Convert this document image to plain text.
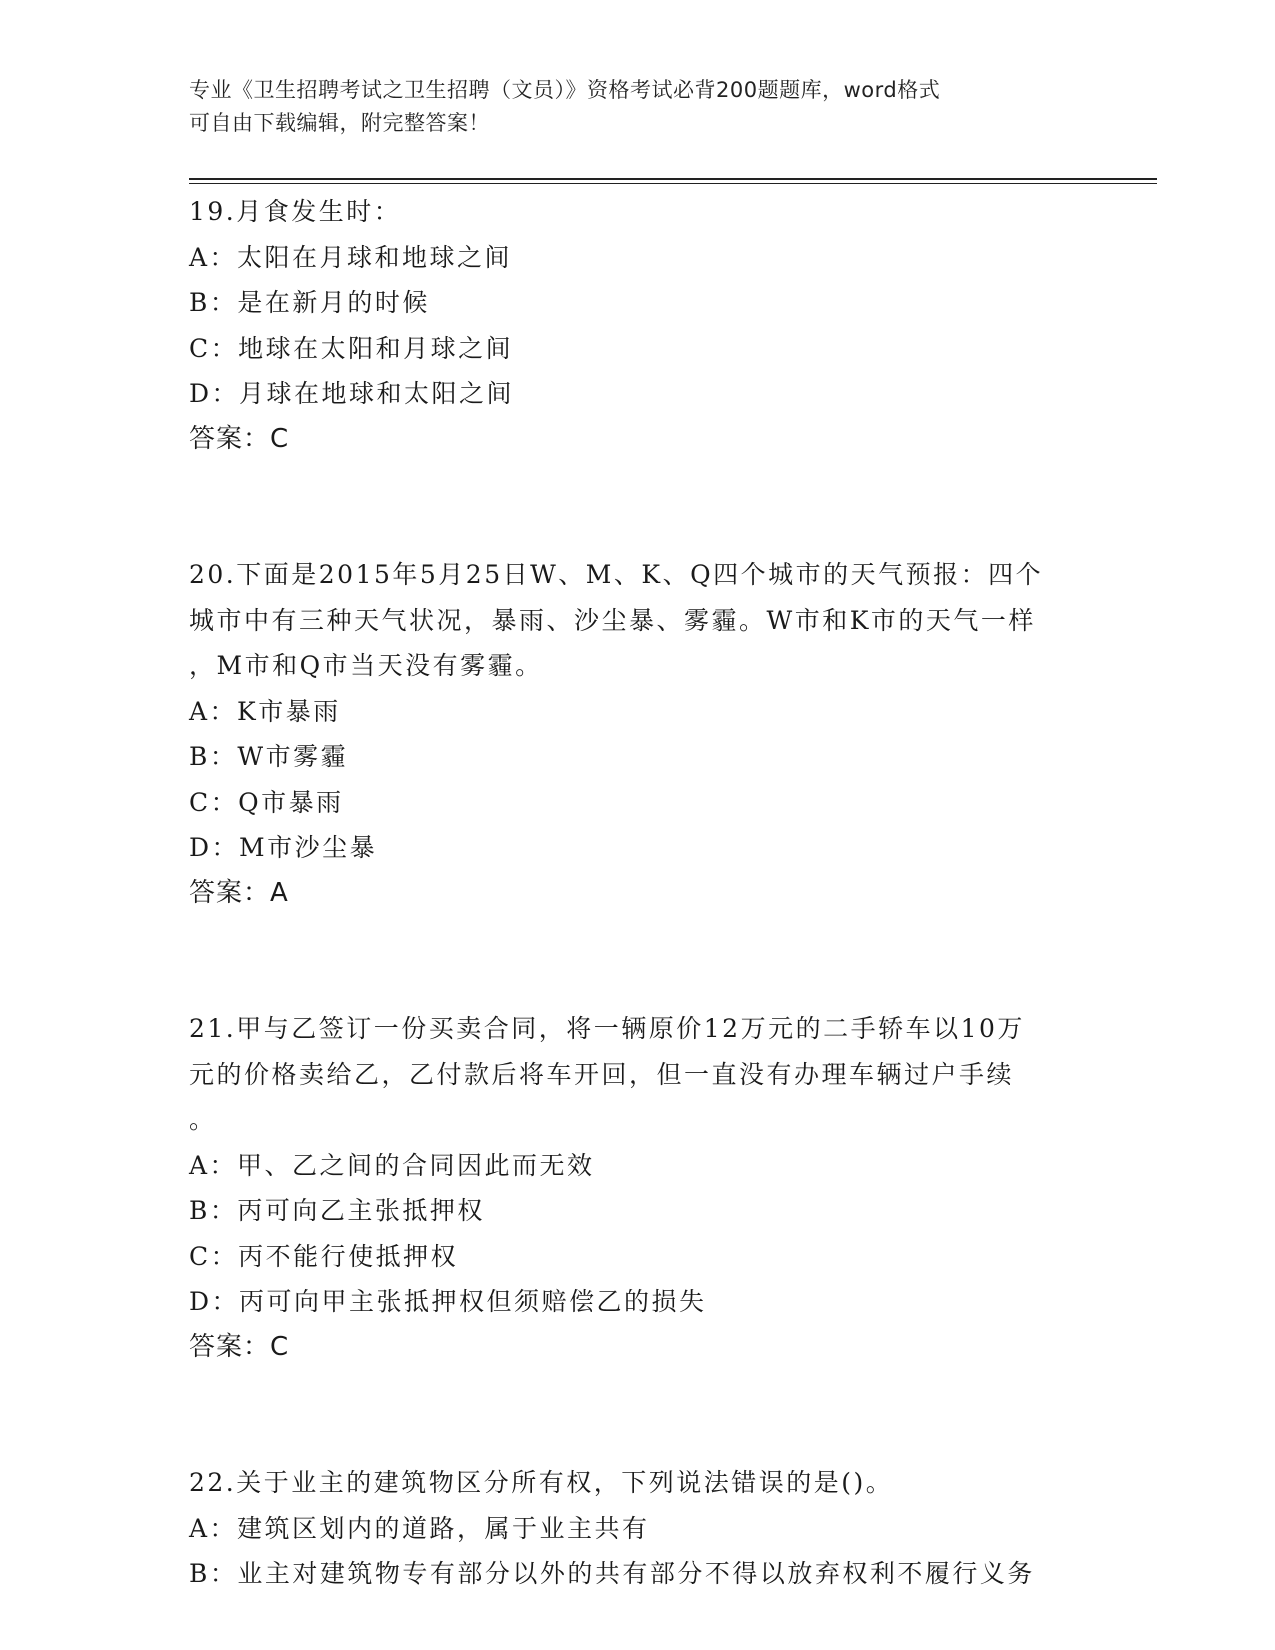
专业《卫生招聘考试之卫生招聘（文员）》资格考试必背200题题库，word格式
可自由下载编辑，附完整答案！

19.月食发生时：

A：太阳在月球和地球之间

B：是在新月的时候

C：地球在太阳和月球之间

D：月球在地球和太阳之间

答案：C

20.下面是2015年5月25日W、M、K、Q四个城市的天气预报：四个

城市中有三种天气状况，暴雨、沙尘暴、雾霾。W市和K市的天气一样

，M市和Q市当天没有雾霾。

A：K市暴雨

B：W市雾霾

C：Q市暴雨

D：M市沙尘暴

答案：A

21.甲与乙签订一份买卖合同，将一辆原价12万元的二手轿车以10万

元的价格卖给乙，乙付款后将车开回，但一直没有办理车辆过户手续

。

A：甲、乙之间的合同因此而无效

B：丙可向乙主张抵押权

C：丙不能行使抵押权

D：丙可向甲主张抵押权但须赔偿乙的损失

答案：C

22.关于业主的建筑物区分所有权，下列说法错误的是()。

A：建筑区划内的道路，属于业主共有

B：业主对建筑物专有部分以外的共有部分不得以放弃权利不履行义务
